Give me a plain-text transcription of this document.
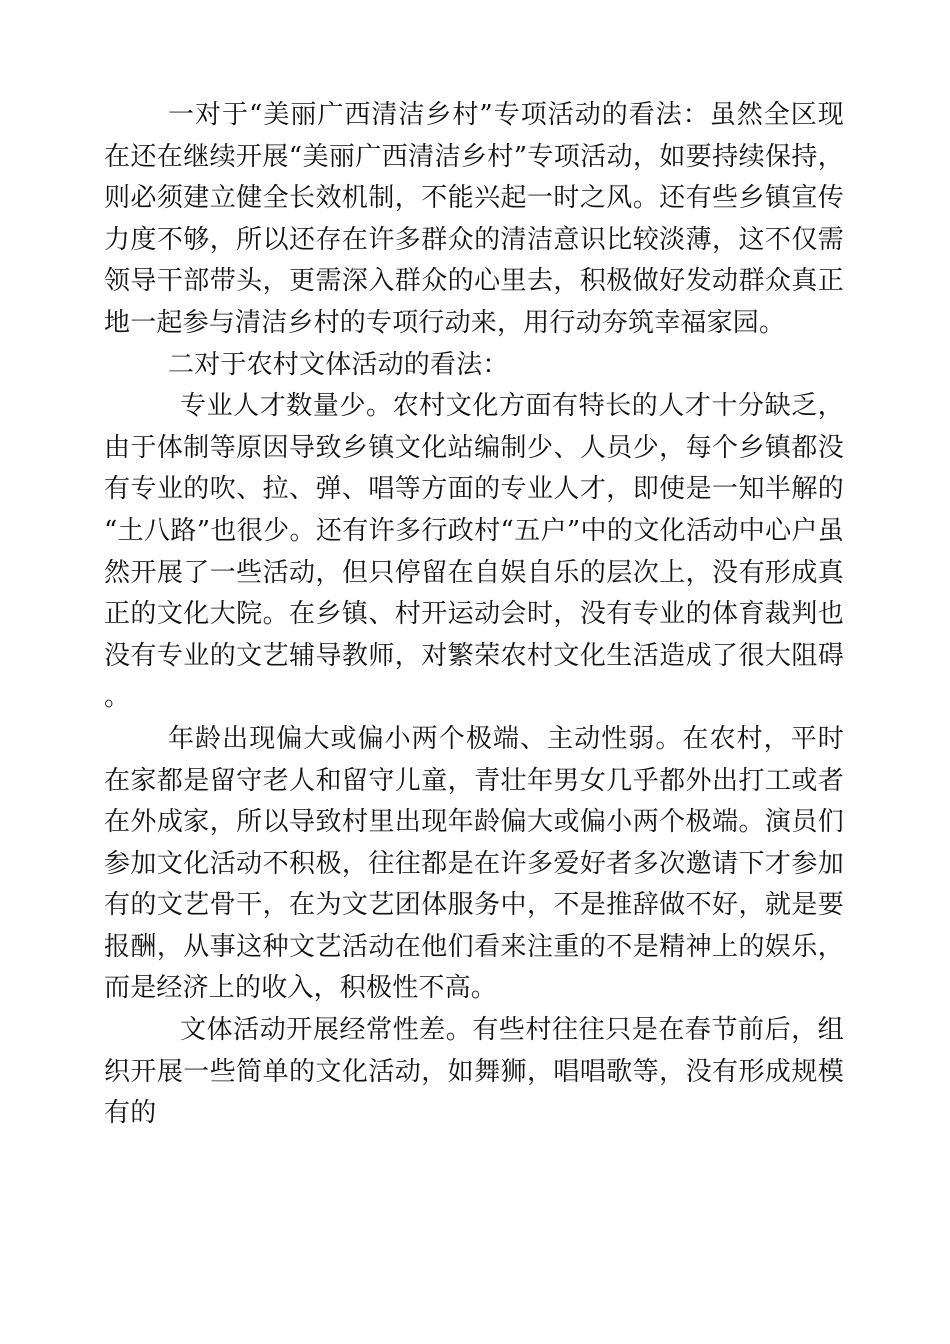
一对于“美丽广西清洁乡村”专项活动的看法：虽然全区现在还在继续开展“美丽广西清洁乡村”专项活动，如要持续保持，则必须建立健全长效机制，不能兴起一时之风。还有些乡镇宣传力度不够，所以还存在许多群众的清洁意识比较淡薄，这不仅需领导干部带头，更需深入群众的心里去，积极做好发动群众真正地一起参与清洁乡村的专项行动来，用行动夯筑幸福家园。

二对于农村文体活动的看法：

专业人才数量少。农村文化方面有特长的人才十分缺乏，由于体制等原因导致乡镇文化站编制少、人员少，每个乡镇都没有专业的吹、拉、弹、唱等方面的专业人才，即使是一知半解的“土八路”也很少。还有许多行政村“五户”中的文化活动中心户虽然开展了一些活动，但只停留在自娱自乐的层次上，没有形成真正的文化大院。在乡镇、村开运动会时，没有专业的体育裁判也没有专业的文艺辅导教师，对繁荣农村文化生活造成了很大阻碍。

年龄出现偏大或偏小两个极端、主动性弱。在农村，平时在家都是留守老人和留守儿童，青壮年男女几乎都外出打工或者在外成家，所以导致村里出现年龄偏大或偏小两个极端。演员们参加文化活动不积极，往往都是在许多爱好者多次邀请下才参加有的文艺骨干，在为文艺团体服务中，不是推辞做不好，就是要报酬，从事这种文艺活动在他们看来注重的不是精神上的娱乐，而是经济上的收入，积极性不高。

文体活动开展经常性差。有些村往往只是在春节前后，组织开展一些简单的文化活动，如舞狮，唱唱歌等，没有形成规模有的
